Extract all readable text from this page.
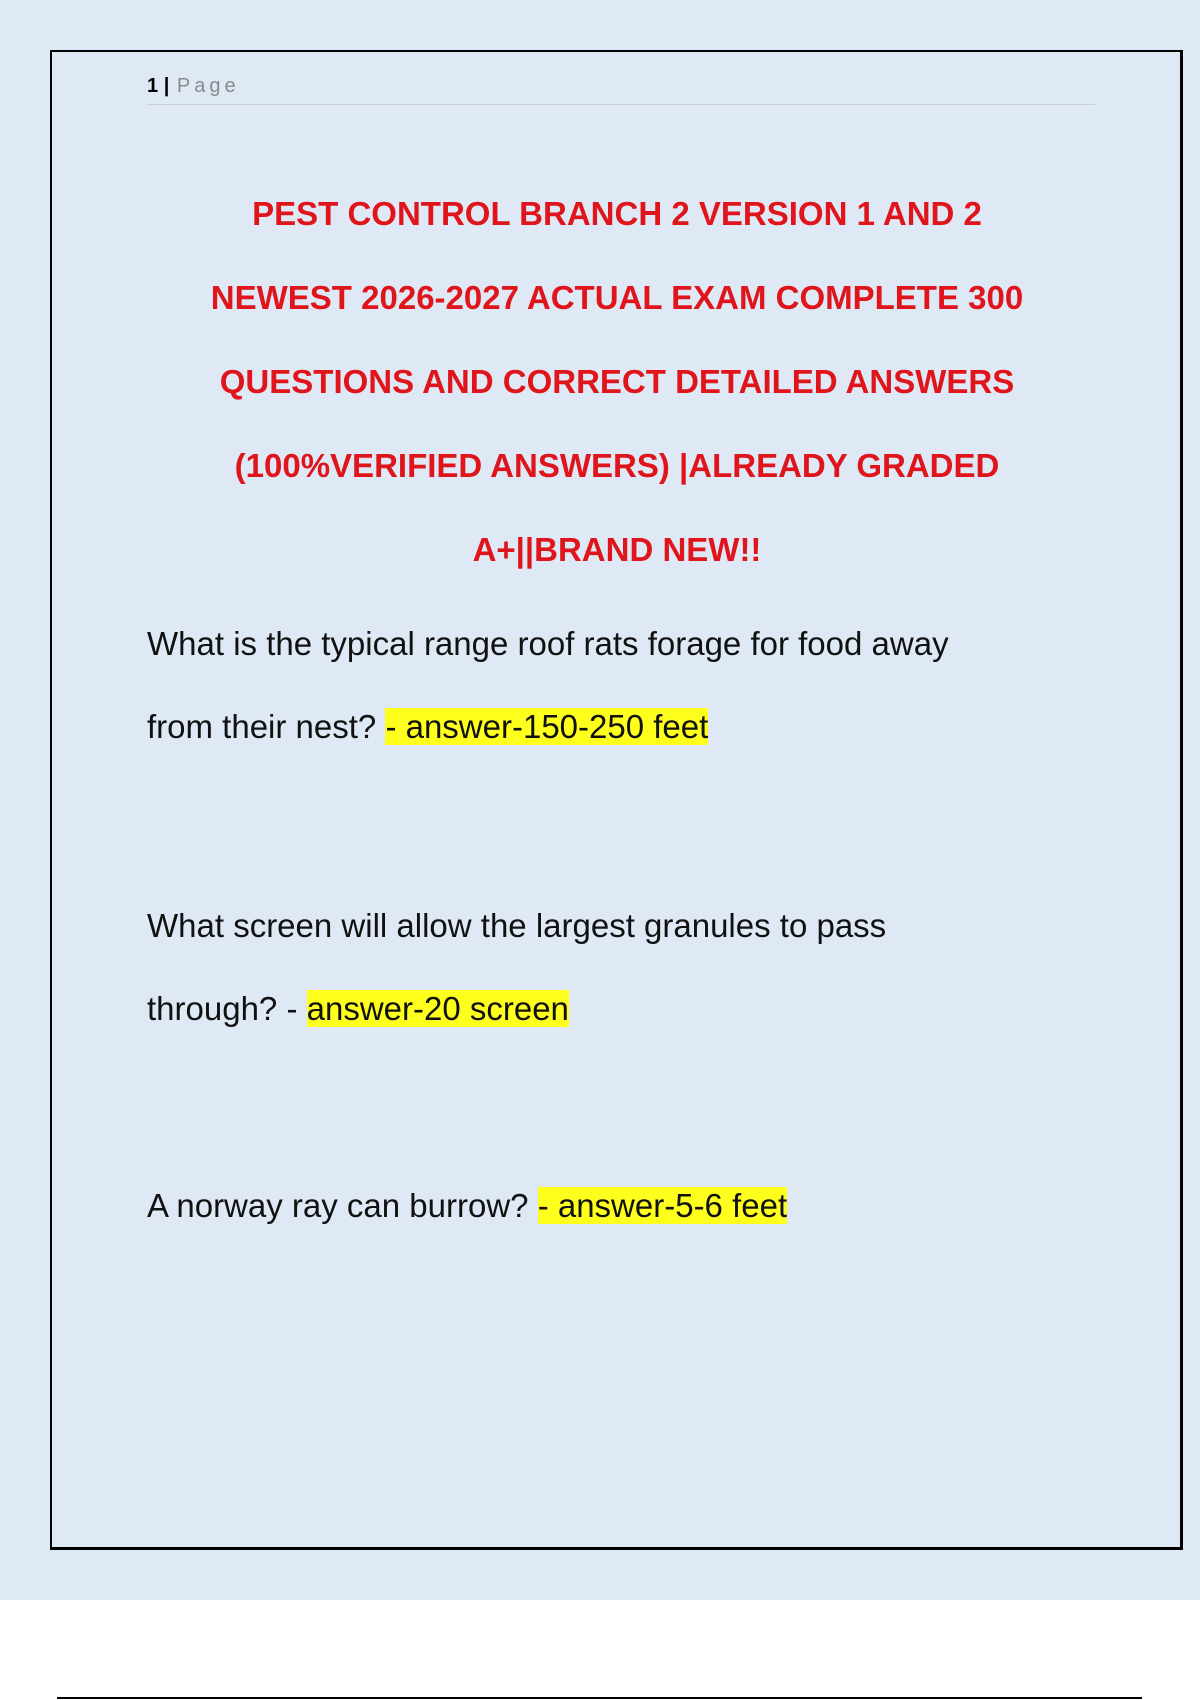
1 | Page
PEST CONTROL BRANCH 2 VERSION 1 AND 2
NEWEST 2026-2027 ACTUAL EXAM COMPLETE 300
QUESTIONS AND CORRECT DETAILED ANSWERS
(100%VERIFIED ANSWERS) |ALREADY GRADED
A+||BRAND NEW!!

What is the typical range roof rats forage for food away
from their nest? - answer-150-250 feet

What screen will allow the largest granules to pass
through? - answer-20 screen

A norway ray can burrow? - answer-5-6 feet
